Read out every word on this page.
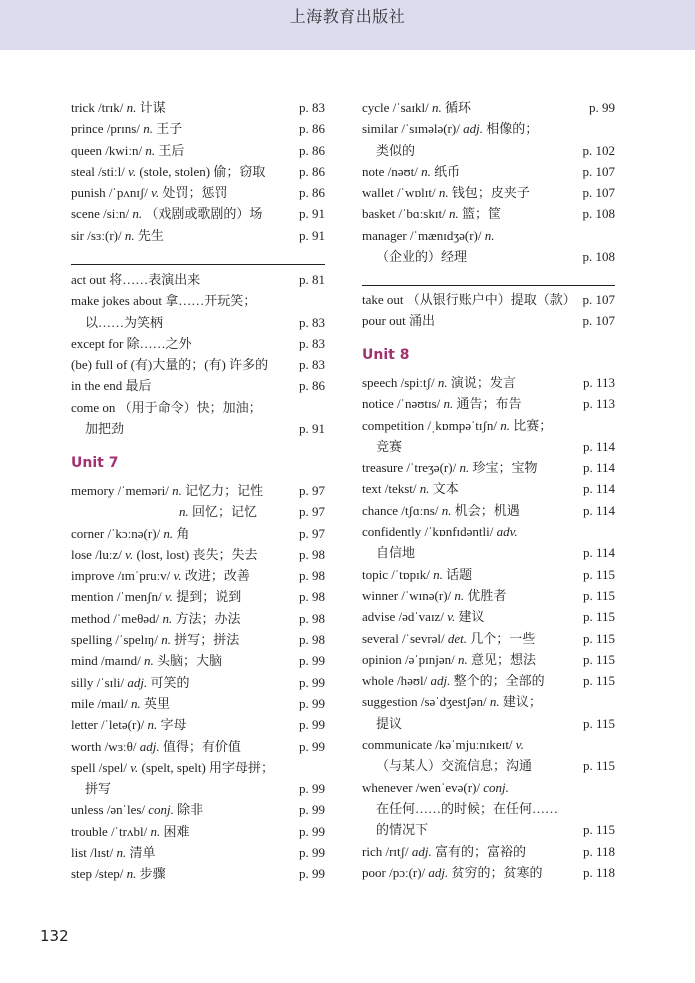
上海教育出版社
trick /trɪk/ n. 计谋	p. 83
prince /prɪns/ n. 王子	p. 86
queen /kwiːn/ n. 王后	p. 86
steal /stiːl/ v. (stole, stolen) 偷；窃取	p. 86
punish /ˈpʌnɪʃ/ v. 处罚；惩罚	p. 86
scene /siːn/ n. （戏剧或歌剧的）场	p. 91
sir /sɜː(r)/ n. 先生	p. 91
act out 将……表演出来	p. 81
make jokes about 拿……开玩笑；
以……为笑柄	p. 83
except for 除……之外	p. 83
(be) full of (有)大量的；(有) 许多的 p. 83
in the end 最后	p. 86
come on （用于命令）快；加油；
加把劲	p. 91
Unit 7
memory /ˈmeməri/ n. 记忆力；记性	p. 97
n. 回忆；记忆	p. 97
corner /ˈkɔːnə(r)/ n. 角	p. 97
lose /luːz/ v. (lost, lost) 丧失；失去	p. 98
improve /ɪmˈpruːv/ v. 改进；改善	p. 98
mention /ˈmenʃn/ v. 提到；说到	p. 98
method /ˈmeθəd/ n. 方法；办法	p. 98
spelling /ˈspelɪŋ/ n. 拼写；拼法	p. 98
mind /maɪnd/ n. 头脑；大脑	p. 99
silly /ˈsɪli/ adj. 可笑的	p. 99
mile /maɪl/ n. 英里	p. 99
letter /ˈletə(r)/ n. 字母	p. 99
worth /wɜːθ/ adj. 值得；有价值	p. 99
spell /spel/ v. (spelt, spelt) 用字母拼；
拼写	p. 99
unless /ənˈles/ conj. 除非	p. 99
trouble /ˈtrʌbl/ n. 困难	p. 99
list /lɪst/ n. 清单	p. 99
step /step/ n. 步骤	p. 99
cycle /ˈsaɪkl/ n. 循环	p. 99
similar /ˈsɪmələ(r)/ adj. 相像的；
类似的	p. 102
note /nəʊt/ n. 纸币	p. 107
wallet /ˈwɒlɪt/ n. 钱包；皮夹子	p. 107
basket /ˈbɑːskɪt/ n. 篮；筐	p. 108
manager /ˈmænɪdʒə(r)/ n.
（企业的）经理	p. 108
take out （从银行账户中）提取（款） p. 107
pour out 涌出	p. 107
Unit 8
speech /spiːtʃ/ n. 演说；发言	p. 113
notice /ˈnəʊtɪs/ n. 通告；布告	p. 113
competition /ˌkɒmpəˈtɪʃn/ n. 比赛；
竞赛	p. 114
treasure /ˈtreʒə(r)/ n. 珍宝；宝物	p. 114
text /tekst/ n. 文本	p. 114
chance /tʃɑːns/ n. 机会；机遇	p. 114
confidently /ˈkɒnfɪdəntli/ adv.
自信地	p. 114
topic /ˈtɒpɪk/ n. 话题	p. 115
winner /ˈwɪnə(r)/ n. 优胜者	p. 115
advise /ədˈvaɪz/ v. 建议	p. 115
several /ˈsevrəl/ det. 几个；一些	p. 115
opinion /əˈpɪnjən/ n. 意见；想法	p. 115
whole /həʊl/ adj. 整个的；全部的	p. 115
suggestion /səˈdʒestʃən/ n. 建议；
提议	p. 115
communicate /kəˈmjuːnɪkeɪt/ v.
（与某人）交流信息；沟通	p. 115
whenever /wenˈevə(r)/ conj.
在任何……的时候；在任何……
的情况下	p. 115
rich /rɪtʃ/ adj. 富有的；富裕的	p. 118
poor /pɔː(r)/ adj. 贫穷的；贫寒的	p. 118
132
